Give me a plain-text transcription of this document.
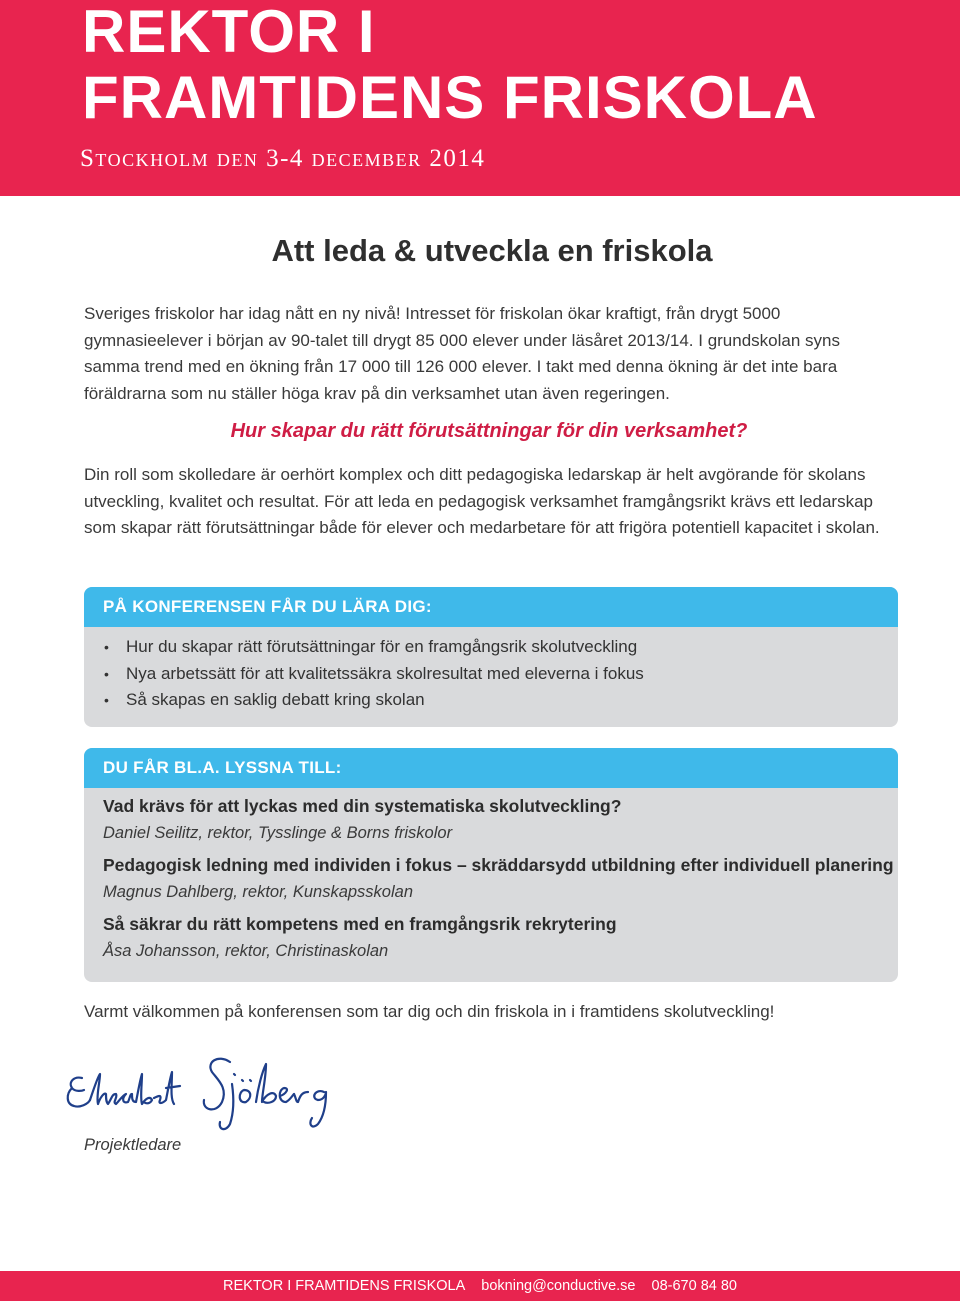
REKTOR I
FRAMTIDENS FRISKOLA
Stockholm den 3-4 december 2014
Att leda & utveckla en friskola
Sveriges friskolor har idag nått en ny nivå! Intresset för friskolan ökar kraftigt, från drygt 5000 gymnasieelever i början av 90-talet till drygt 85 000 elever under läsåret 2013/14. I grundskolan syns samma trend med en ökning från 17 000 till 126 000 elever. I takt med denna ökning är det inte bara föräldrarna som nu ställer höga krav på din verksamhet utan även regeringen.
Hur skapar du rätt förutsättningar för din verksamhet?
Din roll som skolledare är oerhört komplex och ditt pedagogiska ledarskap är helt avgörande för skolans utveckling, kvalitet och resultat. För att leda en pedagogisk verksamhet framgångsrikt krävs ett ledarskap som skapar rätt förutsättningar både för elever och medarbetare för att frigöra potentiell kapacitet i skolan.
PÅ KONFERENSEN FÅR DU LÄRA DIG:
• Hur du skapar rätt förutsättningar för en framgångsrik skolutveckling
• Nya arbetssätt för att kvalitetssäkra skolresultat med eleverna i fokus
• Så skapas en saklig debatt kring skolan
DU FÅR BL.A. LYSSNA TILL:
Vad krävs för att lyckas med din systematiska skolutveckling?
Daniel Seilitz, rektor, Tysslinge & Borns friskolor
Pedagogisk ledning med individen i fokus – skräddarsydd utbildning efter individuell planering
Magnus Dahlberg, rektor, Kunskapsskolan
Så säkrar du rätt kompetens med en framgångsrik rekrytering
Åsa Johansson, rektor, Christinaskolan
Varmt välkommen på konferensen som tar dig och din friskola in i framtidens skolutveckling!
Projektledare
REKTOR I FRAMTIDENS FRISKOLA bokning@conductive.se 08-670 84 80
